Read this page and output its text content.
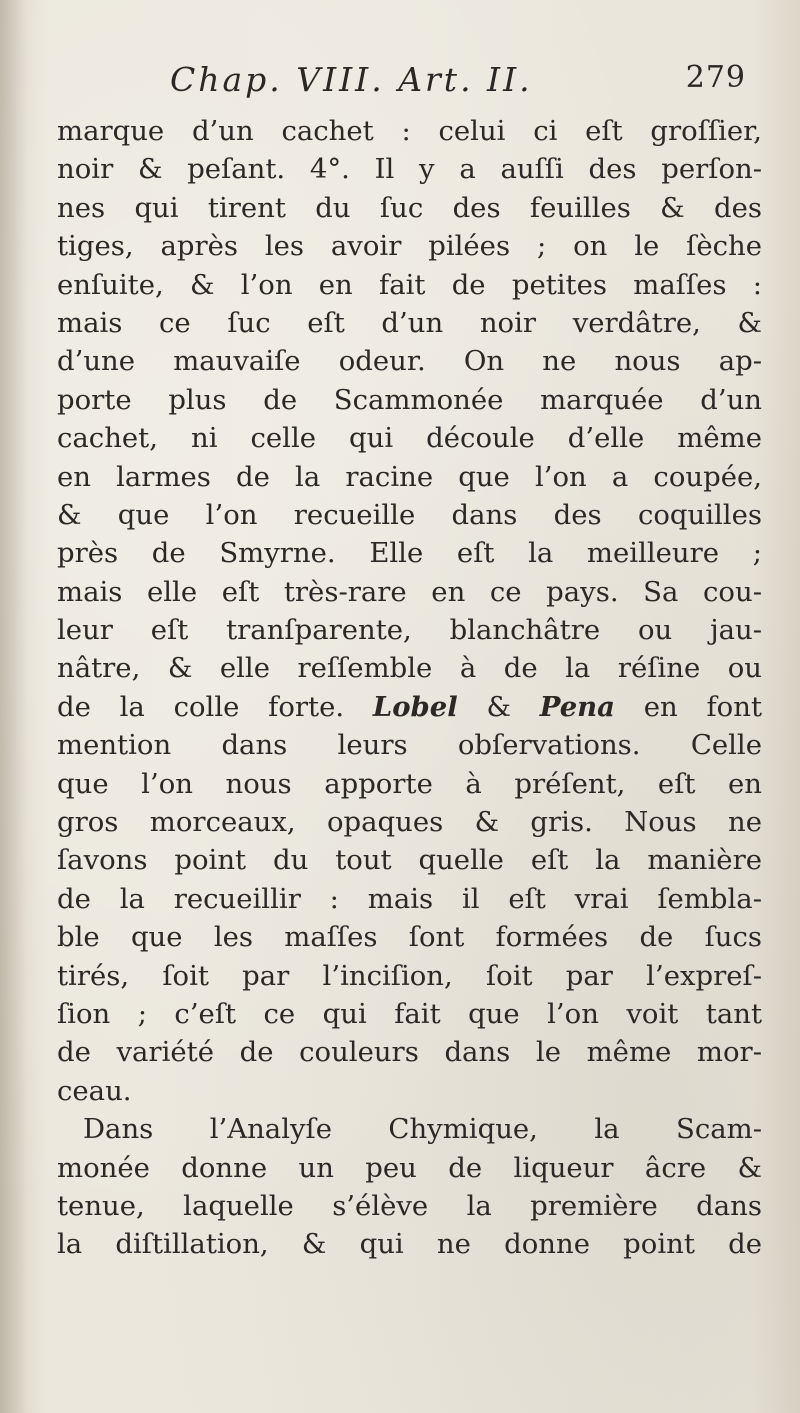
Chap. VIII. Art. II.	279
marque d’un cachet : celui ci eſt groſſier,
noir & peſant. 4°. Il y a auſſi des perſon-
nes qui tirent du ſuc des feuilles & des
tiges, après les avoir pilées ; on le ſèche
enſuite, & l’on en fait de petites maſſes :
mais ce ſuc eſt d’un noir verdâtre, &
d’une mauvaiſe odeur. On ne nous ap-
porte plus de Scammonée marquée d’un
cachet, ni celle qui découle d’elle même
en larmes de la racine que l’on a coupée,
& que l’on recueille dans des coquilles
près de Smyrne. Elle eſt la meilleure ;
mais elle eſt très-rare en ce pays. Sa cou-
leur eſt tranſparente, blanchâtre ou jau-
nâtre, & elle reſſemble à de la réſine ou
de la colle forte. Lobel & Pena en font
mention dans leurs obſervations. Celle
que l’on nous apporte à préſent, eſt en
gros morceaux, opaques & gris. Nous ne
ſavons point du tout quelle eſt la manière
de la recueillir : mais il eſt vrai ſembla-
ble que les maſſes ſont formées de ſucs
tirés, ſoit par l’inciſion, ſoit par l’expreſ-
ſion ; c’eſt ce qui fait que l’on voit tant
de variété de couleurs dans le même mor-
ceau.
Dans l’Analyſe Chymique, la Scam-
monée donne un peu de liqueur âcre &
tenue, laquelle s’élève la première dans
la diſtillation, & qui ne donne point de
